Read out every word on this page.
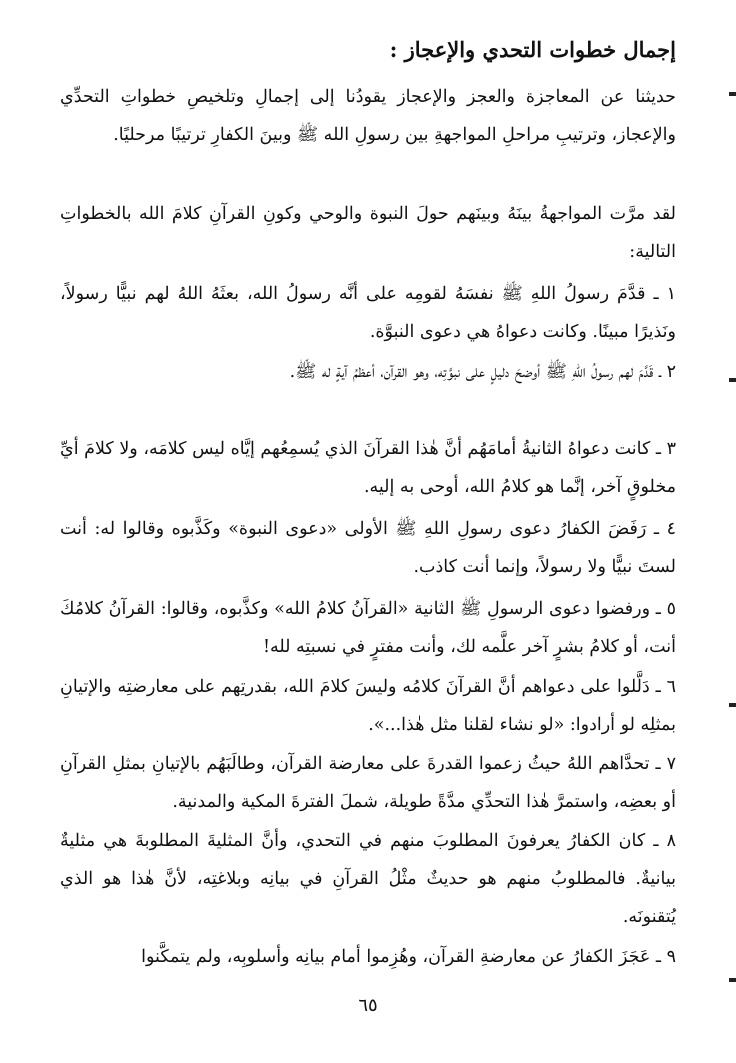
إجمال خطوات التحدي والإعجاز :
حديثنا عن المعاجزة والعجز والإعجاز يقودُنا إلى إجمالِ وتلخيصِ خطواتِ التحدِّي والإعجاز، وترتيبِ مراحلِ المواجهةِ بين رسولِ الله ﷺ وبينَ الكفارِ ترتيبًا مرحليًا.
لقد مرَّت المواجهةُ بينَهُ وبينَهم حولَ النبوة والوحي وكونِ القرآنِ كلامَ الله بالخطواتِ التالية:
١ ـ قدَّمَ رسولُ اللهِ ﷺ نفسَهُ لقومِه على أنَّه رسولُ الله، بعثَهُ اللهُ لهم نبيًّا رسولاً، ونَذيرًا مبينًا. وكانت دعواهُ هي دعوى النبوَّة.
٢ ـ قَدَّمَ لهم رسولُ اللهِ ﷺ أوضحَ دليلٍ على نبوَّتِه، وهو القرآن، أعظمُ آيةٍ له ﷺ.
٣ ـ كانت دعواهُ الثانيةُ أمامَهُم أنَّ هٰذا القرآنَ الذي يُسمِعُهم إيَّاه ليس كلامَه، ولا كلامَ أيِّ مخلوقٍ آخر، إنَّما هو كلامُ الله، أوحى به إليه.
٤ ـ رَفَضَ الكفارُ دعوى رسولِ اللهِ ﷺ الأولى «دعوى النبوة» وكَذَّبوه وقالوا له: أنت لستَ نبيًّا ولا رسولاً، وإنما أنت كاذب.
٥ ـ ورفضوا دعوى الرسولِ ﷺ الثانية «القرآنُ كلامُ الله» وكذَّبوه، وقالوا: القرآنُ كلامُكَ أنت، أو كلامُ بشرٍ آخر علَّمه لك، وأنت مفترٍ في نسبتِه لله!
٦ ـ دَلَّلوا على دعواهم أنَّ القرآنَ كلامُه وليسَ كلامَ الله، بقدرتِهم على معارضتِه والإتيانِ بمثلِه لو أرادوا: «لو نشاء لقلنا مثل هٰذا...».
٧ ـ تحدَّاهم اللهُ حيثُ زعموا القدرةَ على معارضة القرآن، وطالَبَهُم بالإتيانِ بمثلِ القرآنِ أو بعضِه، واستمرَّ هٰذا التحدِّي مدَّةً طويلة، شملَ الفترةَ المكية والمدنية.
٨ ـ كان الكفارُ يعرفونَ المطلوبَ منهم في التحدي، وأنَّ المثليةَ المطلوبةَ هي مثليةٌ بيانيةٌ. فالمطلوبُ منهم هو حديثٌ مثْلُ القرآنِ في بيانِه وبلاغتِه، لأنَّ هٰذا هو الذي يُتقنونَه.
٩ ـ عَجَزَ الكفارُ عن معارضةِ القرآن، وهُزِموا أمام بيانِه وأسلوبِه، ولم يتمكَّنوا
٦٥
